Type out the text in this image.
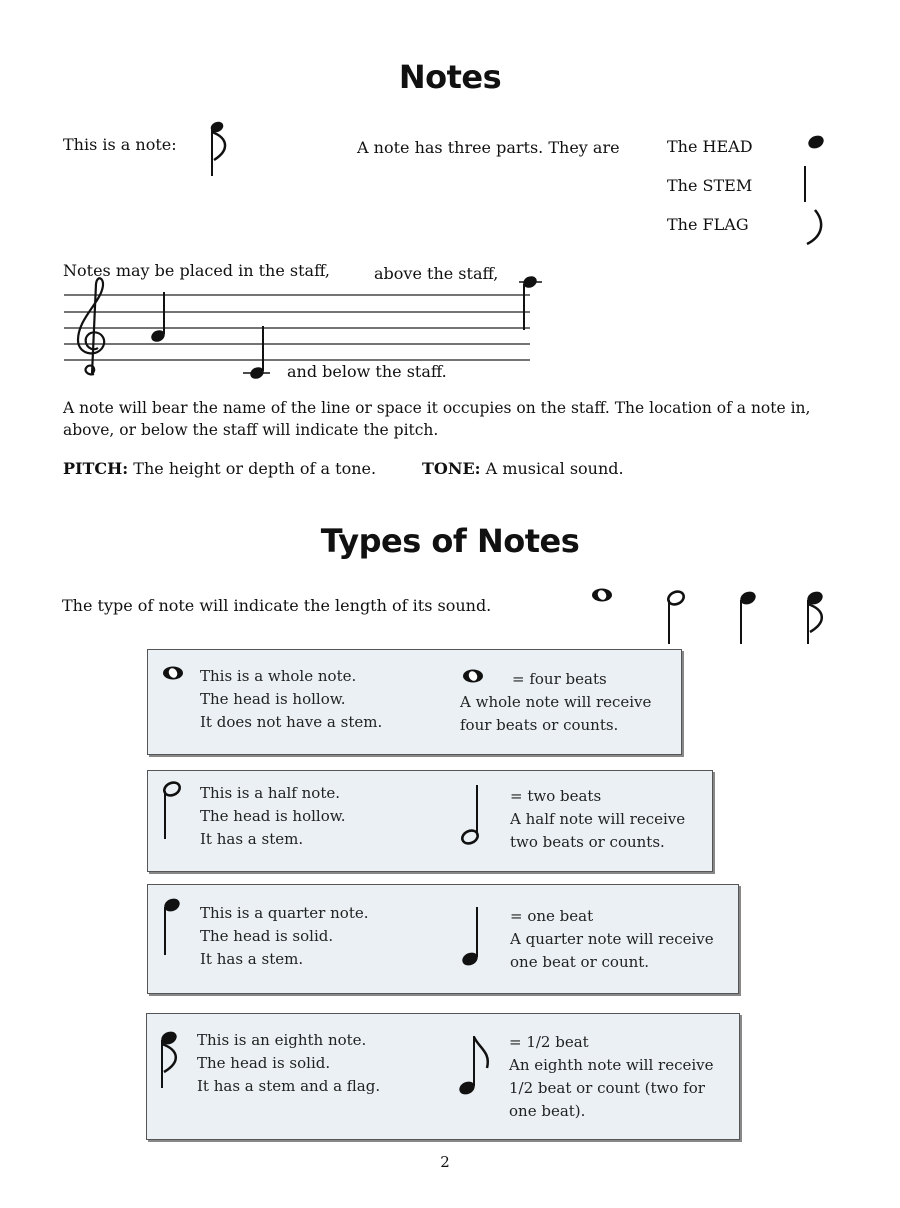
Notes
This is a note:	A note has three parts. They are	The HEAD
The STEM
The FLAG
Notes may be placed in the staff,	above the staff,
and below the staff.
A note will bear the name of the line or space it occupies on the staff. The location of a note in, above, or below the staff will indicate the pitch.
PITCH: The height or depth of a tone.	TONE: A musical sound.
Types of Notes
The type of note will indicate the length of its sound.
This is a whole note.
The head is hollow.
It does not have a stem.
= four beats
A whole note will receive
four beats or counts.
This is a half note.
The head is hollow.
It has a stem.
= two beats
A half note will receive
two beats or counts.
This is a quarter note.
The head is solid.
It has a stem.
= one beat
A quarter note will receive
one beat or count.
This is an eighth note.
The head is solid.
It has a stem and a flag.
= 1/2 beat
An eighth note will receive
1/2 beat or count (two for
one beat).
2
